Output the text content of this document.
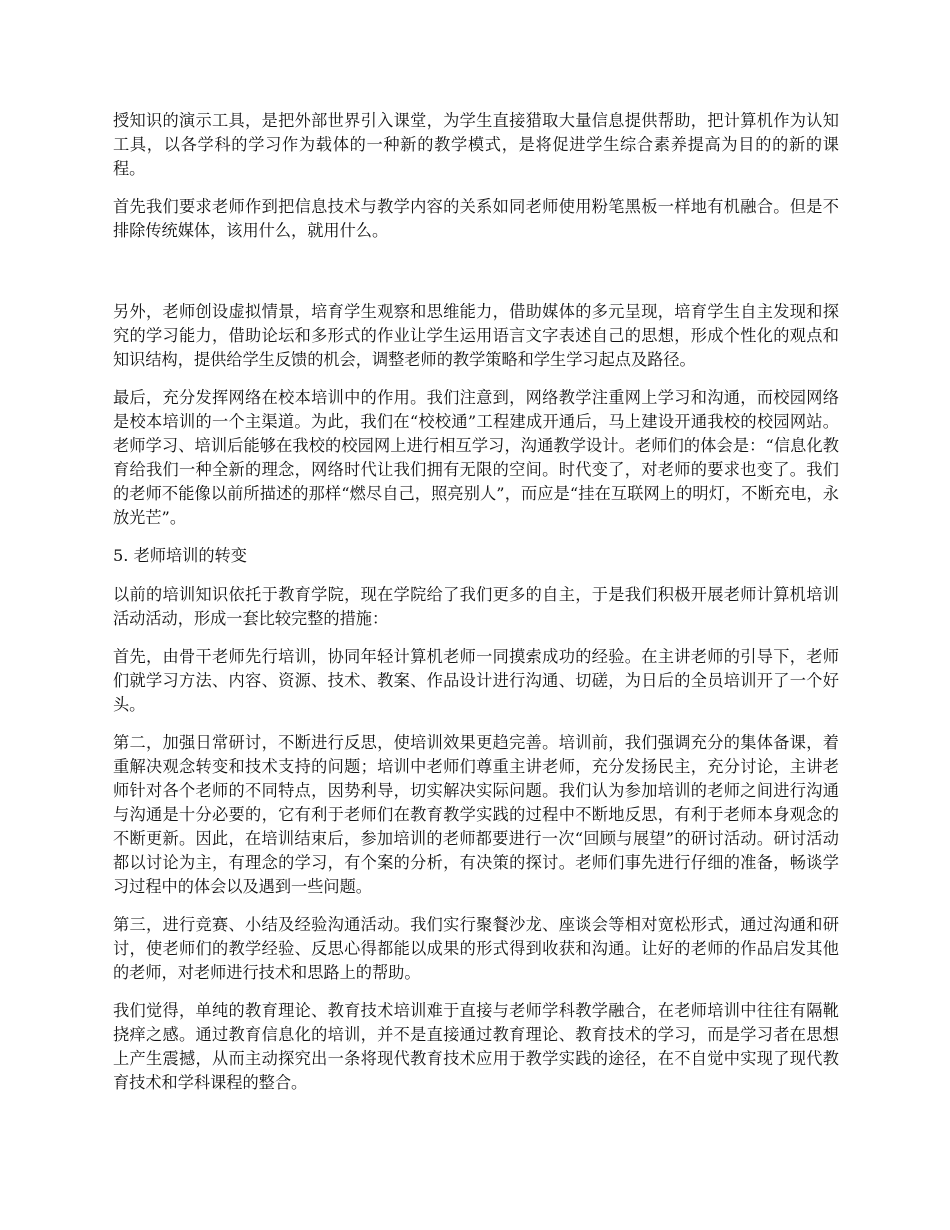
授知识的演示工具，是把外部世界引入课堂，为学生直接猎取大量信息提供帮助，把计算机作为认知工具，以各学科的学习作为载体的一种新的教学模式，是将促进学生综合素养提高为目的的新的课程。

首先我们要求老师作到把信息技术与教学内容的关系如同老师使用粉笔黑板一样地有机融合。但是不排除传统媒体，该用什么，就用什么。

另外，老师创设虚拟情景，培育学生观察和思维能力，借助媒体的多元呈现，培育学生自主发现和探究的学习能力，借助论坛和多形式的作业让学生运用语言文字表述自己的思想，形成个性化的观点和知识结构，提供给学生反馈的机会，调整老师的教学策略和学生学习起点及路径。

最后，充分发挥网络在校本培训中的作用。我们注意到，网络教学注重网上学习和沟通，而校园网络是校本培训的一个主渠道。为此，我们在“校校通”工程建成开通后，马上建设开通我校的校园网站。老师学习、培训后能够在我校的校园网上进行相互学习，沟通教学设计。老师们的体会是：“信息化教育给我们一种全新的理念，网络时代让我们拥有无限的空间。时代变了，对老师的要求也变了。我们的老师不能像以前所描述的那样“燃尽自己，照亮别人”，而应是“挂在互联网上的明灯，不断充电，永放光芒”。

5. 老师培训的转变

以前的培训知识依托于教育学院，现在学院给了我们更多的自主，于是我们积极开展老师计算机培训活动活动，形成一套比较完整的措施：

首先，由骨干老师先行培训，协同年轻计算机老师一同摸索成功的经验。在主讲老师的引导下，老师们就学习方法、内容、资源、技术、教案、作品设计进行沟通、切磋，为日后的全员培训开了一个好头。

第二，加强日常研讨，不断进行反思，使培训效果更趋完善。培训前，我们强调充分的集体备课，着重解决观念转变和技术支持的问题；培训中老师们尊重主讲老师，充分发扬民主，充分讨论，主讲老师针对各个老师的不同特点，因势利导，切实解决实际问题。我们认为参加培训的老师之间进行沟通与沟通是十分必要的，它有利于老师们在教育教学实践的过程中不断地反思，有利于老师本身观念的不断更新。因此，在培训结束后，参加培训的老师都要进行一次“回顾与展望”的研讨活动。研讨活动都以讨论为主，有理念的学习，有个案的分析，有决策的探讨。老师们事先进行仔细的准备，畅谈学习过程中的体会以及遇到一些问题。

第三，进行竞赛、小结及经验沟通活动。我们实行聚餐沙龙、座谈会等相对宽松形式，通过沟通和研讨，使老师们的教学经验、反思心得都能以成果的形式得到收获和沟通。让好的老师的作品启发其他的老师，对老师进行技术和思路上的帮助。

我们觉得，单纯的教育理论、教育技术培训难于直接与老师学科教学融合，在老师培训中往往有隔靴挠痒之感。通过教育信息化的培训，并不是直接通过教育理论、教育技术的学习，而是学习者在思想上产生震撼，从而主动探究出一条将现代教育技术应用于教学实践的途径，在不自觉中实现了现代教育技术和学科课程的整合。
